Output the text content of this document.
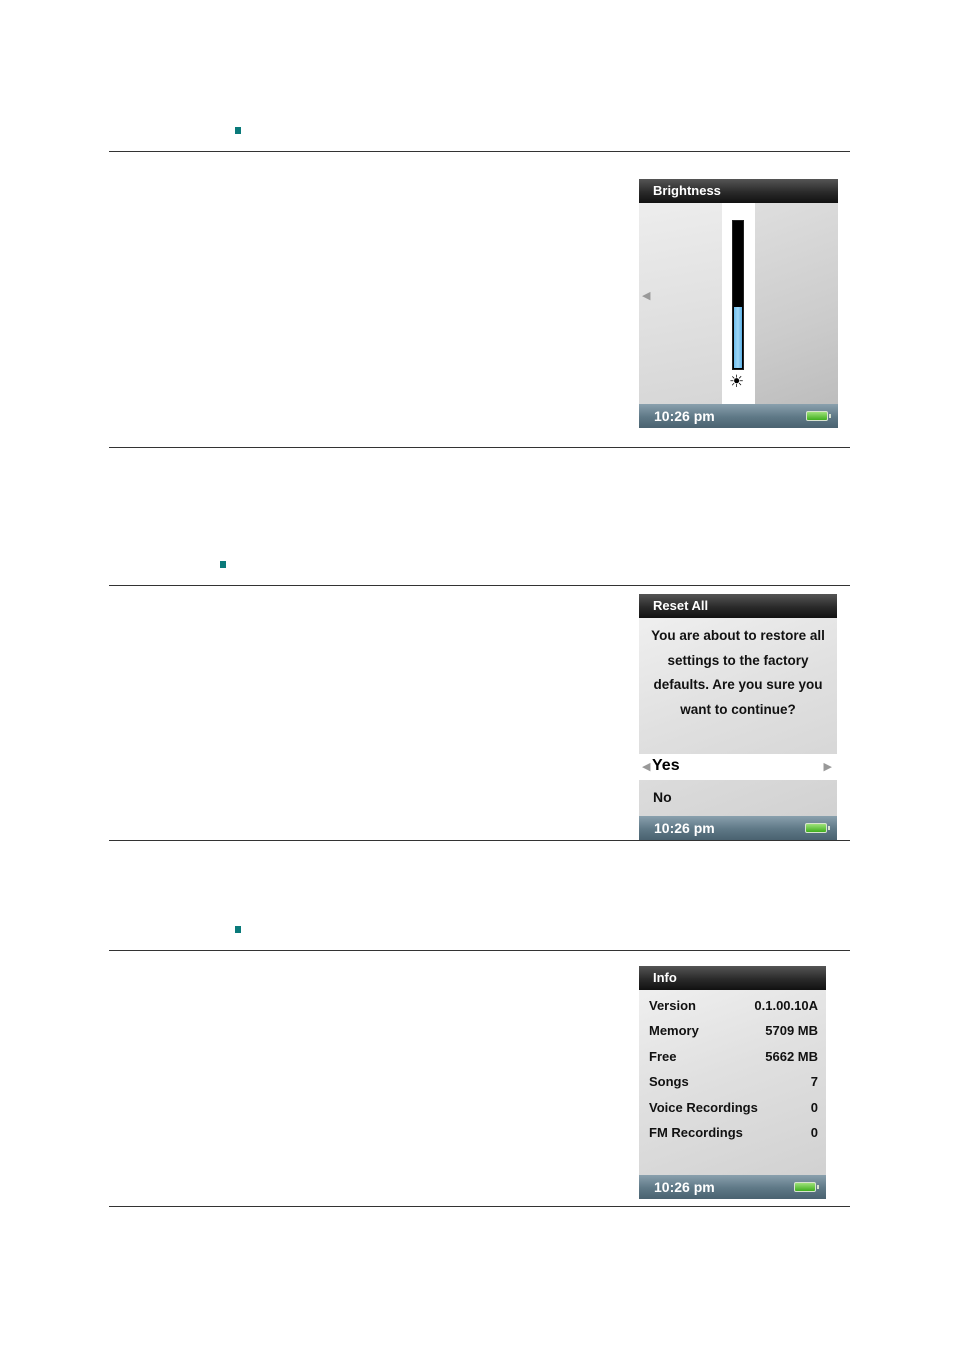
Brightness
◀
☀
10:26 pm
Reset All
You are about to restore all settings to the factory defaults. Are you sure you want to continue?
◀ Yes	▶
No
10:26 pm
Info
Version	0.1.00.10A
Memory	5709 MB
Free	5662 MB
Songs	7
Voice Recordings	0
FM Recordings	0
10:26 pm
